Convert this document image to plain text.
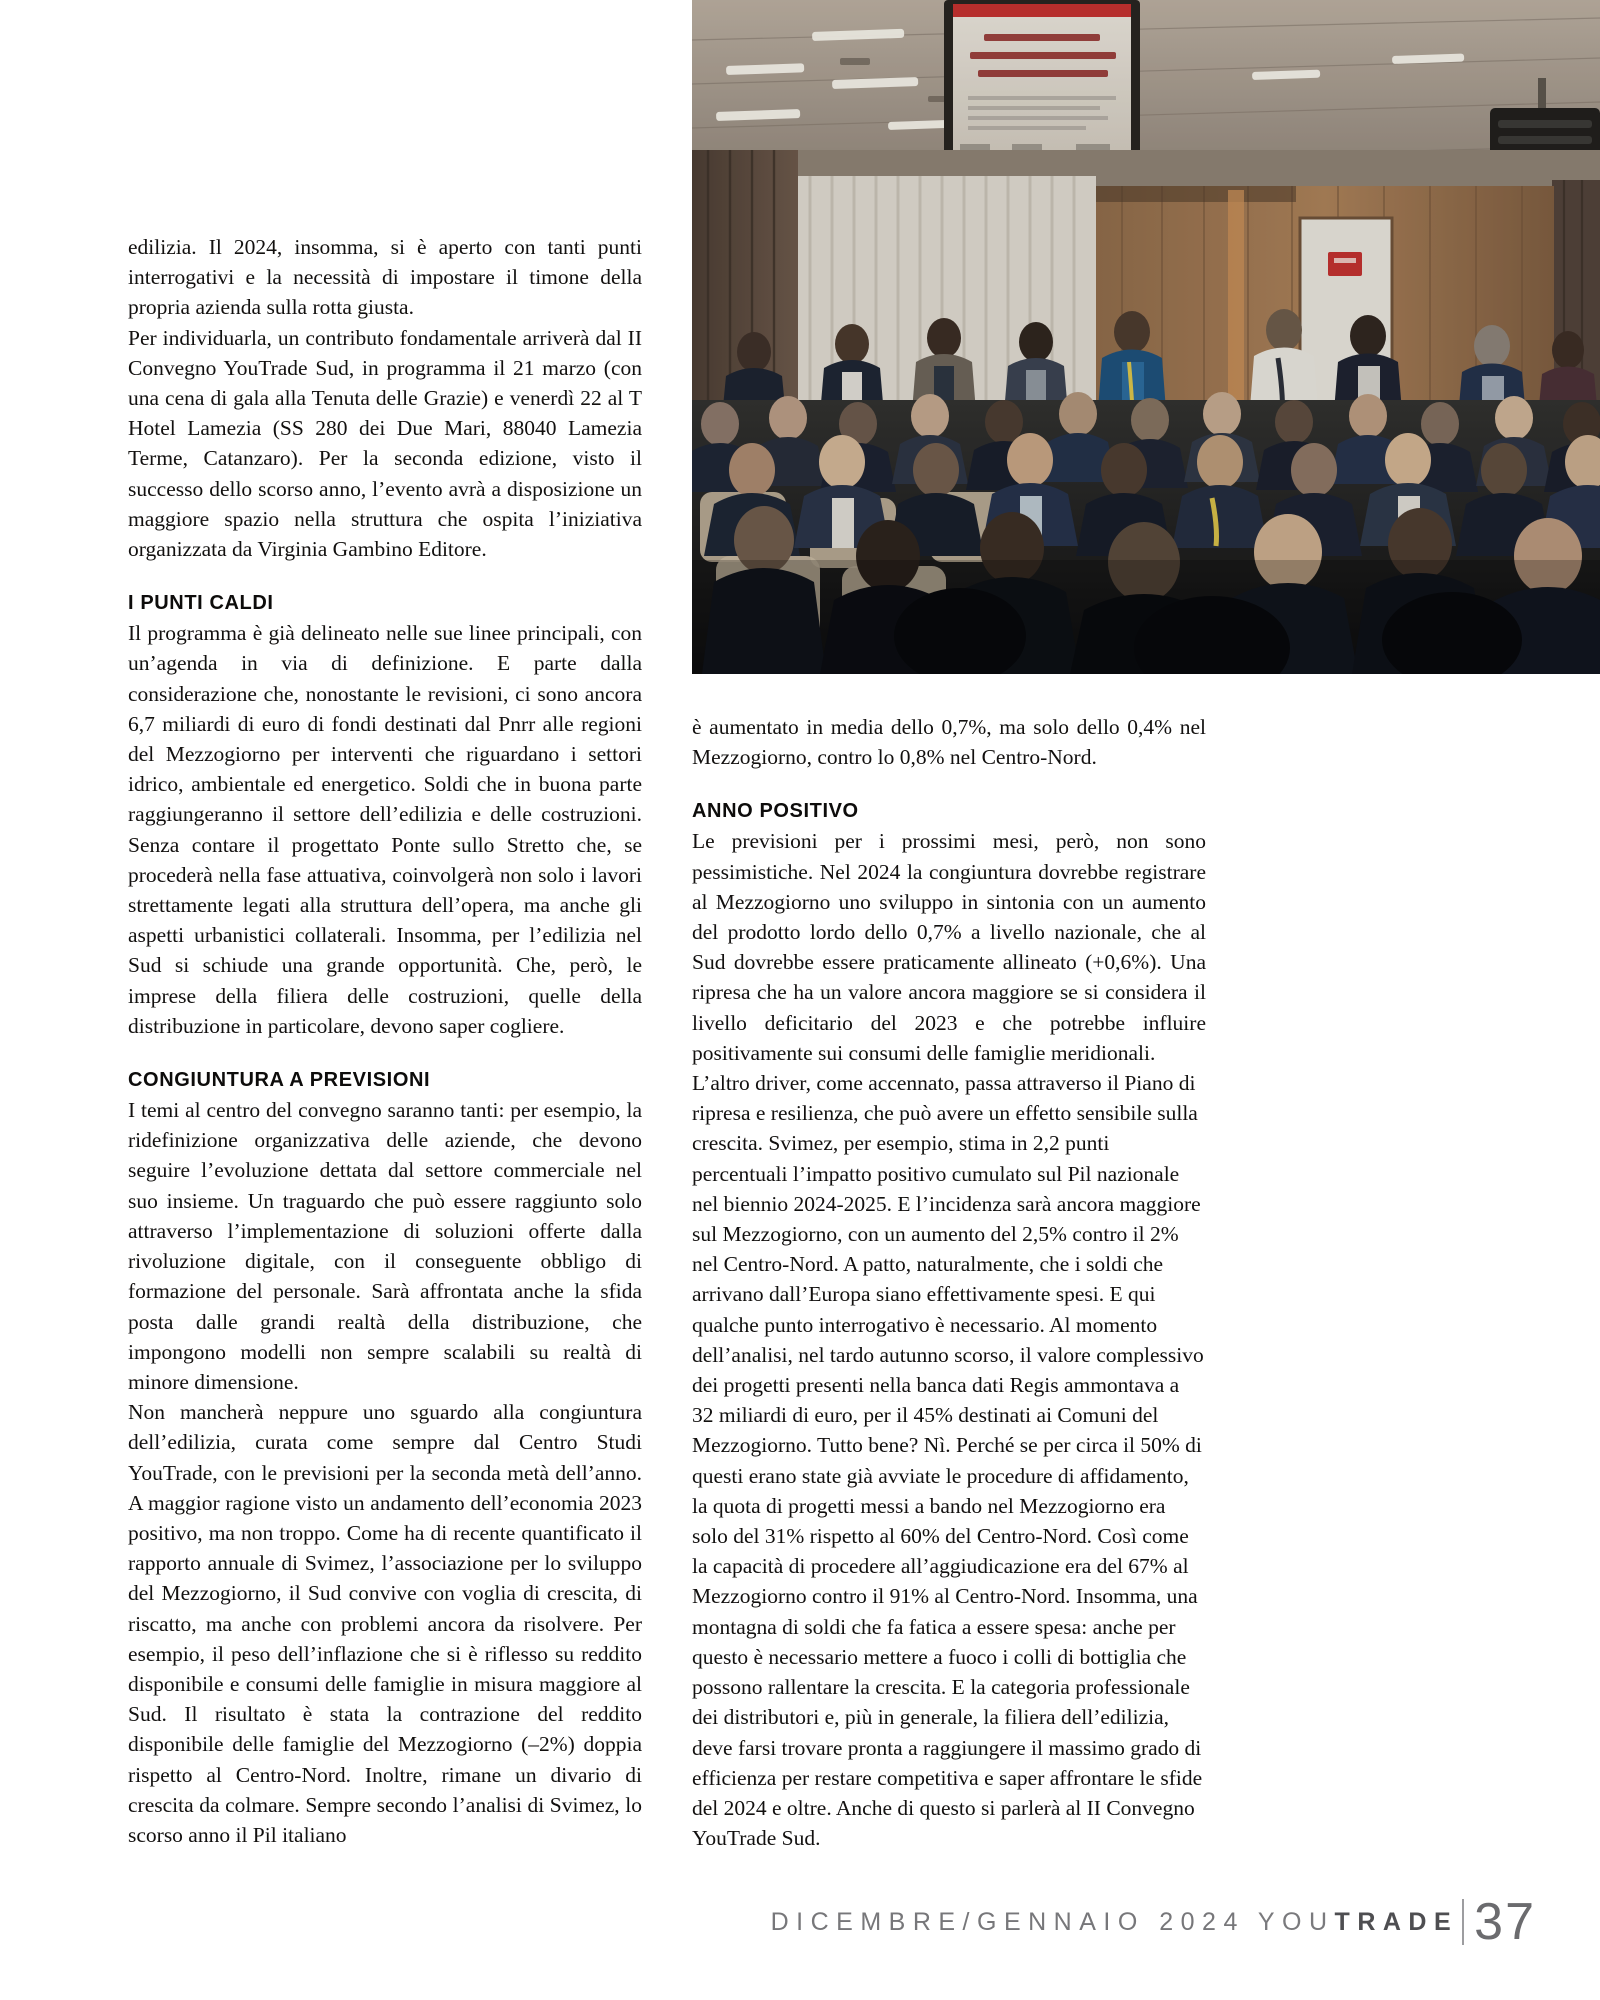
edilizia. Il 2024, insomma, si è aperto con tanti punti interrogativi e la necessità di impostare il timone della propria azienda sulla rotta giusta.

Per individuarla, un contributo fondamentale arriverà dal II Convegno YouTrade Sud, in programma il 21 marzo (con una cena di gala alla Tenuta delle Grazie) e venerdì 22 al T Hotel Lamezia (SS 280 dei Due Mari, 88040 Lamezia Terme, Catanzaro). Per la seconda edizione, visto il successo dello scorso anno, l’evento avrà a disposizione un maggiore spazio nella struttura che ospita l’iniziativa organizzata da Virginia Gambino Editore.

I PUNTI CALDI

Il programma è già delineato nelle sue linee principali, con un’agenda in via di definizione. E parte dalla considerazione che, nonostante le revisioni, ci sono ancora 6,7 miliardi di euro di fondi destinati dal Pnrr alle regioni del Mezzogiorno per interventi che riguardano i settori idrico, ambientale ed energetico. Soldi che in buona parte raggiungeranno il settore dell’edilizia e delle costruzioni. Senza contare il progettato Ponte sullo Stretto che, se procederà nella fase attuativa, coinvolgerà non solo i lavori strettamente legati alla struttura dell’opera, ma anche gli aspetti urbanistici collaterali. Insomma, per l’edilizia nel Sud si schiude una grande opportunità. Che, però, le imprese della filiera delle costruzioni, quelle della distribuzione in particolare, devono saper cogliere.

CONGIUNTURA A PREVISIONI

I temi al centro del convegno saranno tanti: per esempio, la ridefinizione organizzativa delle aziende, che devono seguire l’evoluzione dettata dal settore commerciale nel suo insieme. Un traguardo che può essere raggiunto solo attraverso l’implementazione di soluzioni offerte dalla rivoluzione digitale, con il conseguente obbligo di formazione del personale. Sarà affrontata anche la sfida posta dalle grandi realtà della distribuzione, che impongono modelli non sempre scalabili su realtà di minore dimensione.

Non mancherà neppure uno sguardo alla congiuntura dell’edilizia, curata come sempre dal Centro Studi YouTrade, con le previsioni per la seconda metà dell’anno. A maggior ragione visto un andamento dell’economia 2023 positivo, ma non troppo. Come ha di recente quantificato il rapporto annuale di Svimez, l’associazione per lo sviluppo del Mezzogiorno, il Sud convive con voglia di crescita, di riscatto, ma anche con problemi ancora da risolvere. Per esempio, il peso dell’inflazione che si è riflesso su reddito disponibile e consumi delle famiglie in misura maggiore al Sud. Il risultato è stata la contrazione del reddito disponibile delle famiglie del Mezzogiorno (–2%) doppia rispetto al Centro-Nord. Inoltre, rimane un divario di crescita da colmare. Sempre secondo l’analisi di Svimez, lo scorso anno il Pil italiano

è aumentato in media dello 0,7%, ma solo dello 0,4% nel Mezzogiorno, contro lo 0,8% nel Centro-Nord.

ANNO POSITIVO

Le previsioni per i prossimi mesi, però, non sono pessimistiche. Nel 2024 la congiuntura dovrebbe registrare al Mezzogiorno uno sviluppo in sintonia con un aumento del prodotto lordo dello 0,7% a livello nazionale, che al Sud dovrebbe essere praticamente allineato (+0,6%). Una ripresa che ha un valore ancora maggiore se si considera il livello deficitario del 2023 e che potrebbe influire positivamente sui consumi delle famiglie meridionali.

L’altro driver, come accennato, passa attraverso il Piano di ripresa e resilienza, che può avere un effetto sensibile sulla crescita. Svimez, per esempio, stima in 2,2 punti percentuali l’impatto positivo cumulato sul Pil nazionale nel biennio 2024-2025. E l’incidenza sarà ancora maggiore sul Mezzogiorno, con un aumento del 2,5% contro il 2% nel Centro-Nord. A patto, naturalmente, che i soldi che arrivano dall’Europa siano effettivamente spesi. E qui qualche punto interrogativo è necessario. Al momento dell’analisi, nel tardo autunno scorso, il valore complessivo dei progetti presenti nella banca dati Regis ammontava a 32 miliardi di euro, per il 45% destinati ai Comuni del Mezzogiorno. Tutto bene? Nì. Perché se per circa il 50% di questi erano state già avviate le procedure di affidamento, la quota di progetti messi a bando nel Mezzogiorno era solo del 31% rispetto al 60% del Centro-Nord. Così come la capacità di procedere all’aggiudicazione era del 67% al Mezzogiorno contro il 91% al Centro-Nord. Insomma, una montagna di soldi che fa fatica a essere spesa: anche per questo è necessario mettere a fuoco i colli di bottiglia che possono rallentare la crescita. E la categoria professionale dei distributori e, più in generale, la filiera dell’edilizia, deve farsi trovare pronta a raggiungere il massimo grado di efficienza per restare competitiva e saper affrontare le sfide del 2024 e oltre. Anche di questo si parlerà al II Convegno YouTrade Sud.

DICEMBRE/GENNAIO 2024 YOUTRADE 37
